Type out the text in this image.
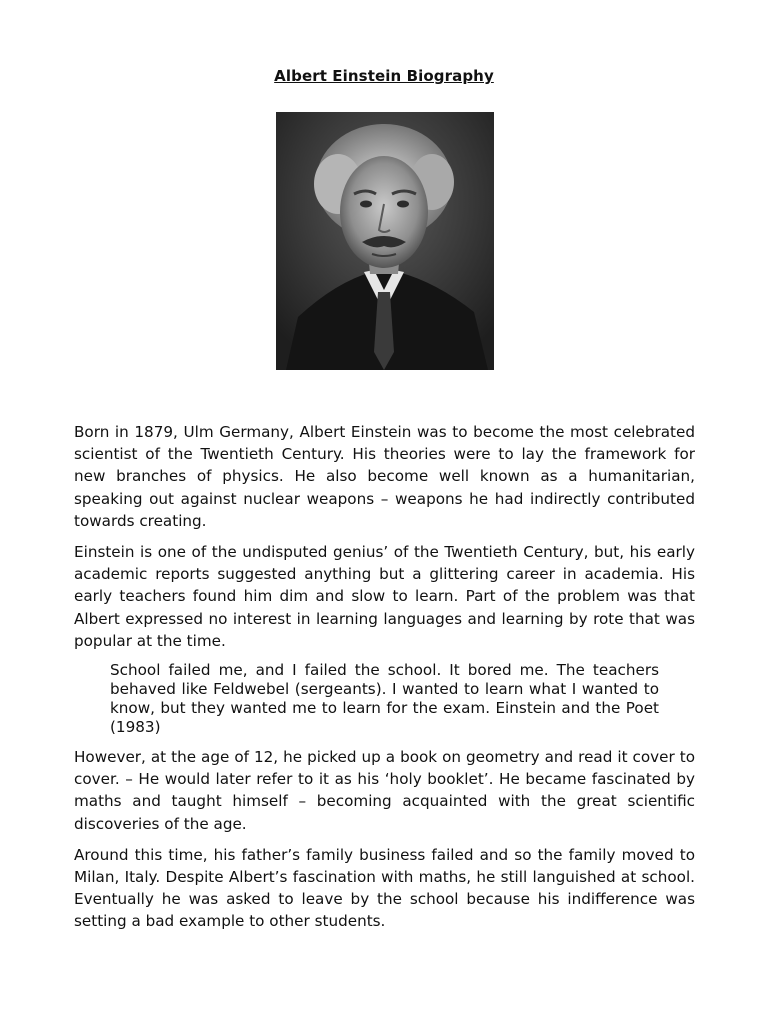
Albert Einstein Biography

Born in 1879, Ulm Germany, Albert Einstein was to become the most celebrated scientist of the Twentieth Century. His theories were to lay the framework for new branches of physics. He also become well known as a humanitarian, speaking out against nuclear weapons – weapons he had indirectly contributed towards creating.

Einstein is one of the undisputed genius’ of the Twentieth Century, but, his early academic reports suggested anything but a glittering career in academia. His early teachers found him dim and slow to learn. Part of the problem was that Albert expressed no interest in learning languages and learning by rote that was popular at the time.

School failed me, and I failed the school. It bored me. The teachers behaved like Feldwebel (sergeants). I wanted to learn what I wanted to know, but they wanted me to learn for the exam. Einstein and the Poet (1983)

However, at the age of 12, he picked up a book on geometry and read it cover to cover. – He would later refer to it as his ‘holy booklet’. He became fascinated by maths and taught himself – becoming acquainted with the great scientific discoveries of the age.

Around this time, his father’s family business failed and so the family moved to Milan, Italy. Despite Albert’s fascination with maths, he still languished at school. Eventually he was asked to leave by the school because his indifference was setting a bad example to other students.
